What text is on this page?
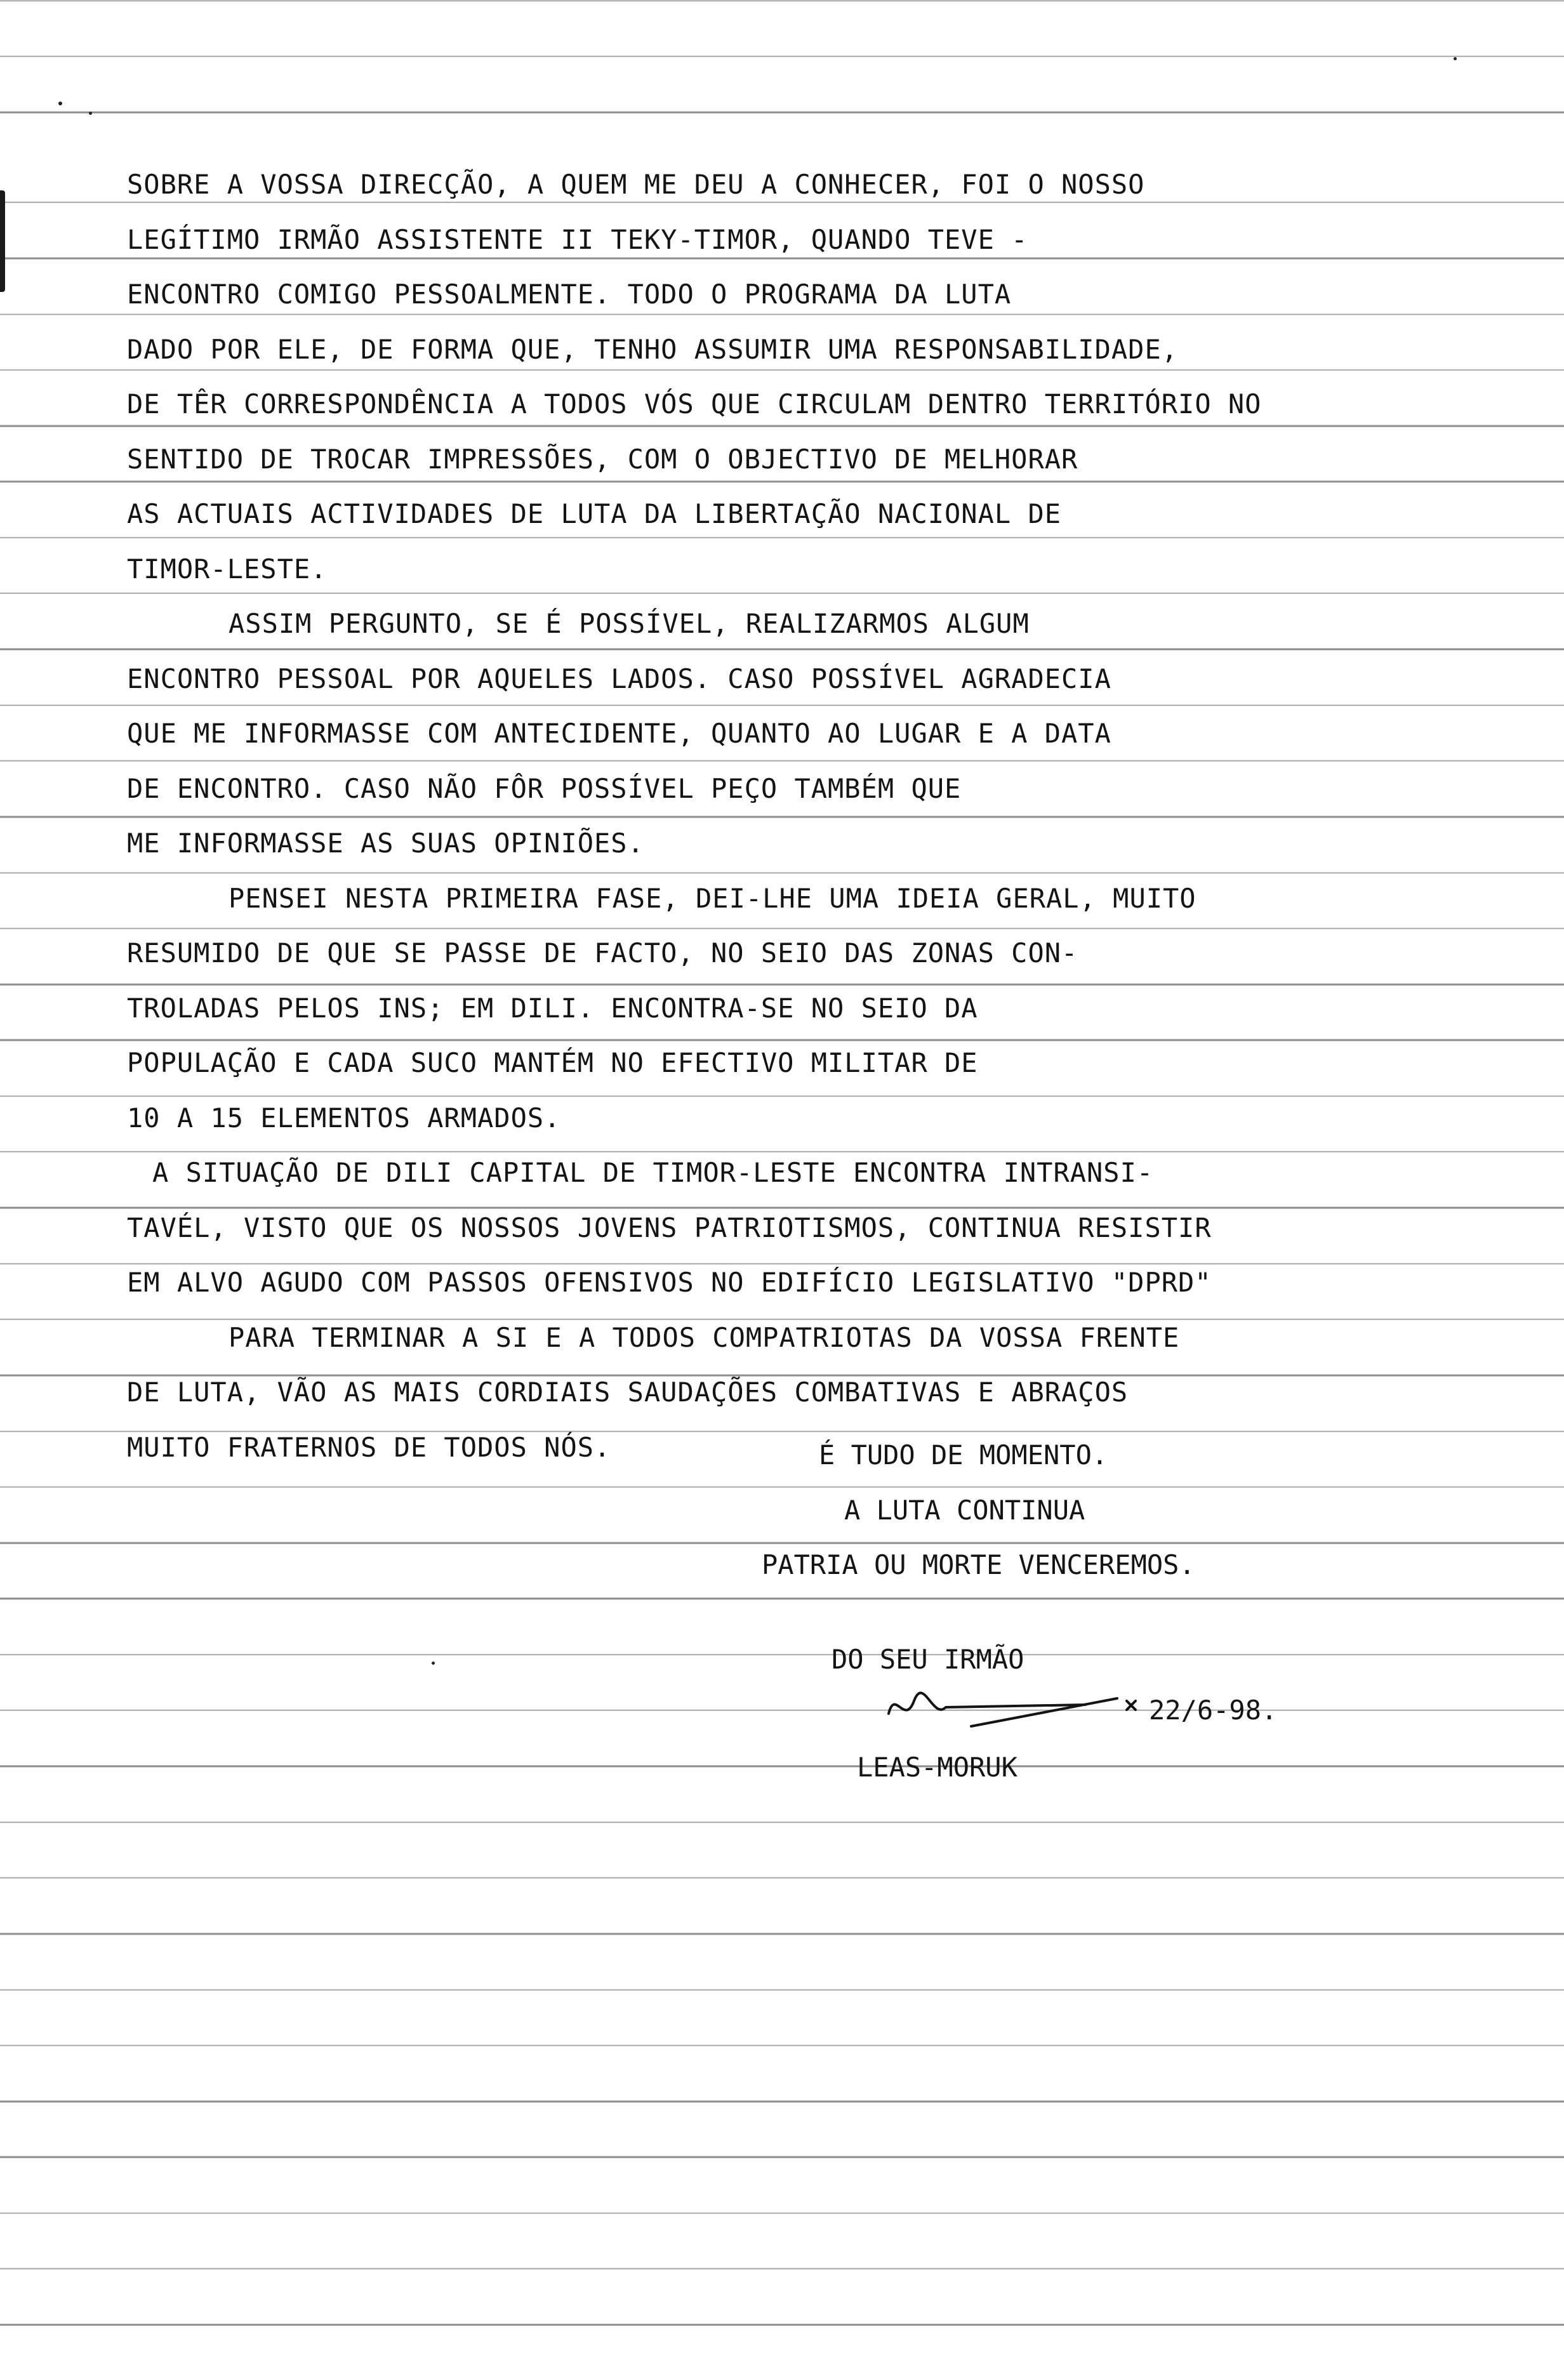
SOBRE A VOSSA DIRECÇÃO, A QUEM ME DEU A CONHECER, FOI O NOSSO
LEGÍTIMO IRMÃO ASSISTENTE II TEKY-TIMOR, QUANDO TEVE -
ENCONTRO COMIGO PESSOALMENTE. TODO O PROGRAMA DA LUTA
DADO POR ELE, DE FORMA QUE, TENHO ASSUMIR UMA RESPONSABILIDADE,
DE TÊR CORRESPONDÊNCIA A TODOS VÓS QUE CIRCULAM DENTRO TERRITÓRIO NO
SENTIDO DE TROCAR IMPRESSÕES, COM O OBJECTIVO DE MELHORAR
AS ACTUAIS ACTIVIDADES DE LUTA DA LIBERTAÇÃO NACIONAL DE
TIMOR-LESTE.
ASSIM PERGUNTO, SE É POSSÍVEL, REALIZARMOS ALGUM
ENCONTRO PESSOAL POR AQUELES LADOS. CASO POSSÍVEL AGRADECIA
QUE ME INFORMASSE COM ANTECIDENTE, QUANTO AO LUGAR E A DATA
DE ENCONTRO. CASO NÃO FÔR POSSÍVEL PEÇO TAMBÉM QUE
ME INFORMASSE AS SUAS OPINIÕES.
PENSEI NESTA PRIMEIRA FASE, DEI-LHE UMA IDEIA GERAL, MUITO
RESUMIDO DE QUE SE PASSE DE FACTO, NO SEIO DAS ZONAS CON-
TROLADAS PELOS INS; EM DILI. ENCONTRA-SE NO SEIO DA
POPULAÇÃO E CADA SUCO MANTÉM NO EFECTIVO MILITAR DE
10 A 15 ELEMENTOS ARMADOS.
A SITUAÇÃO DE DILI CAPITAL DE TIMOR-LESTE ENCONTRA INTRANSI-
TAVÉL, VISTO QUE OS NOSSOS JOVENS PATRIOTISMOS, CONTINUA RESISTIR
EM ALVO AGUDO COM PASSOS OFENSIVOS NO EDIFÍCIO LEGISLATIVO "DPRD"
PARA TERMINAR A SI E A TODOS COMPATRIOTAS DA VOSSA FRENTE
DE LUTA, VÃO AS MAIS CORDIAIS SAUDAÇÕES COMBATIVAS E ABRAÇOS
MUITO FRATERNOS DE TODOS NÓS.	É TUDO DE MOMENTO.
A LUTA CONTINUA
PATRIA OU MORTE VENCEREMOS.
DO SEU IRMÃO
22/6-98.
LEAS-MORUK
